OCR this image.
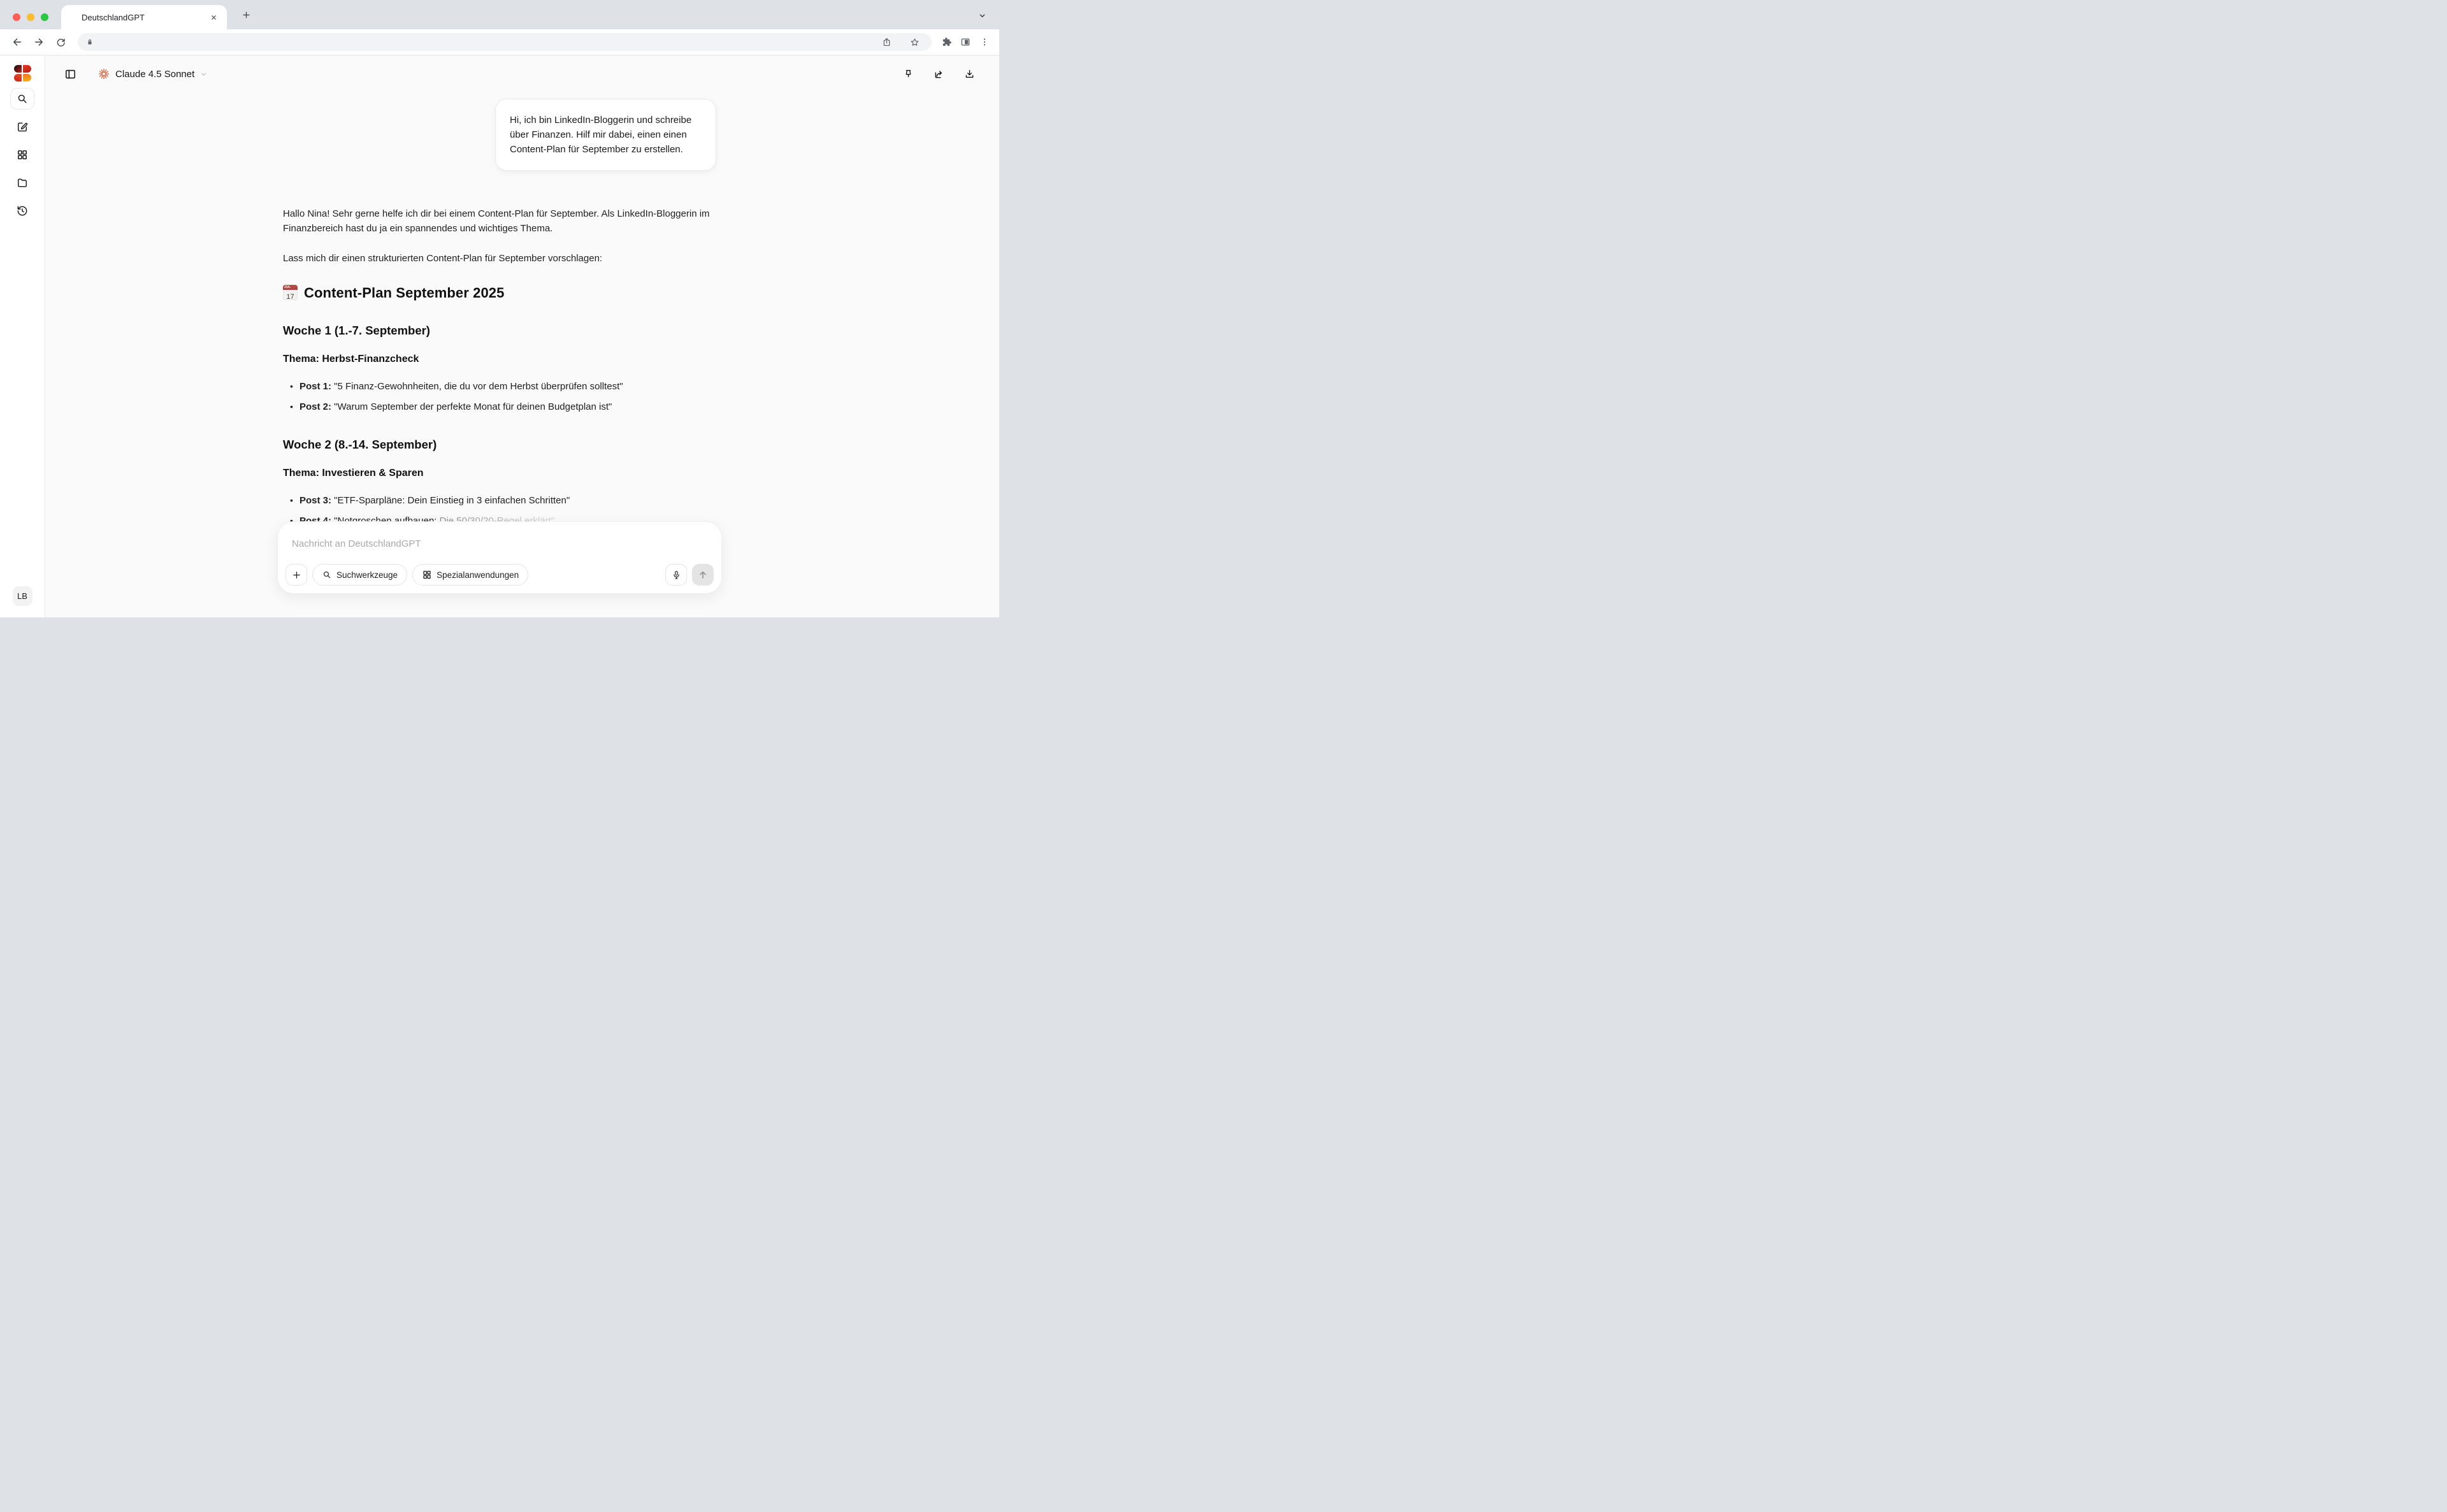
DeutschlandGPT
LB
Claude 4.5 Sonnet
Hi, ich bin LinkedIn-Bloggerin und schreibe über Finanzen. Hilf mir dabei, einen einen Content-Plan für September zu erstellen.

Hallo Nina! Sehr gerne helfe ich dir bei einem Content-Plan für September. Als LinkedIn-Bloggerin im Finanzbereich hast du ja ein spannendes und wichtiges Thema.

Lass mich dir einen strukturierten Content-Plan für September vorschlagen:

JUL
17 Content-Plan September 2025
Woche 1 (1.-7. September)
Thema: Herbst-Finanzcheck
• Post 1: "5 Finanz-Gewohnheiten, die du vor dem Herbst überprüfen solltest"
• Post 2: "Warum September der perfekte Monat für deinen Budgetplan ist"
Woche 2 (8.-14. September)
Thema: Investieren & Sparen
• Post 3: "ETF-Sparpläne: Dein Einstieg in 3 einfachen Schritten"
•
Nachricht an DeutschlandGPT
Suchwerkzeuge	Spezialanwendungen
